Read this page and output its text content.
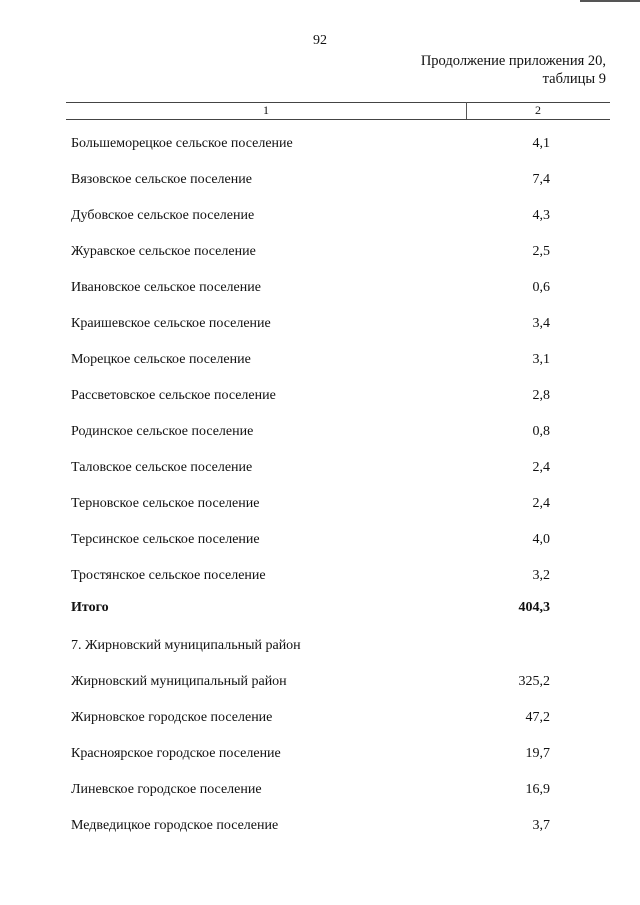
92
Продолжение приложения 20,
таблицы 9
1	2
Большеморецкое сельское поселение	4,1
Вязовское сельское поселение	7,4
Дубовское сельское поселение	4,3
Журавское сельское поселение	2,5
Ивановское сельское поселение	0,6
Краишевское сельское поселение	3,4
Морецкое сельское поселение	3,1
Рассветовское сельское поселение	2,8
Родинское сельское поселение	0,8
Таловское сельское поселение	2,4
Терновское сельское поселение	2,4
Терсинское сельское поселение	4,0
Тростянское сельское поселение	3,2
Итого	404,3
7. Жирновский муниципальный район
Жирновский муниципальный район	325,2
Жирновское городское поселение	47,2
Красноярское городское поселение	19,7
Линевское городское поселение	16,9
Медведицкое городское поселение	3,7
